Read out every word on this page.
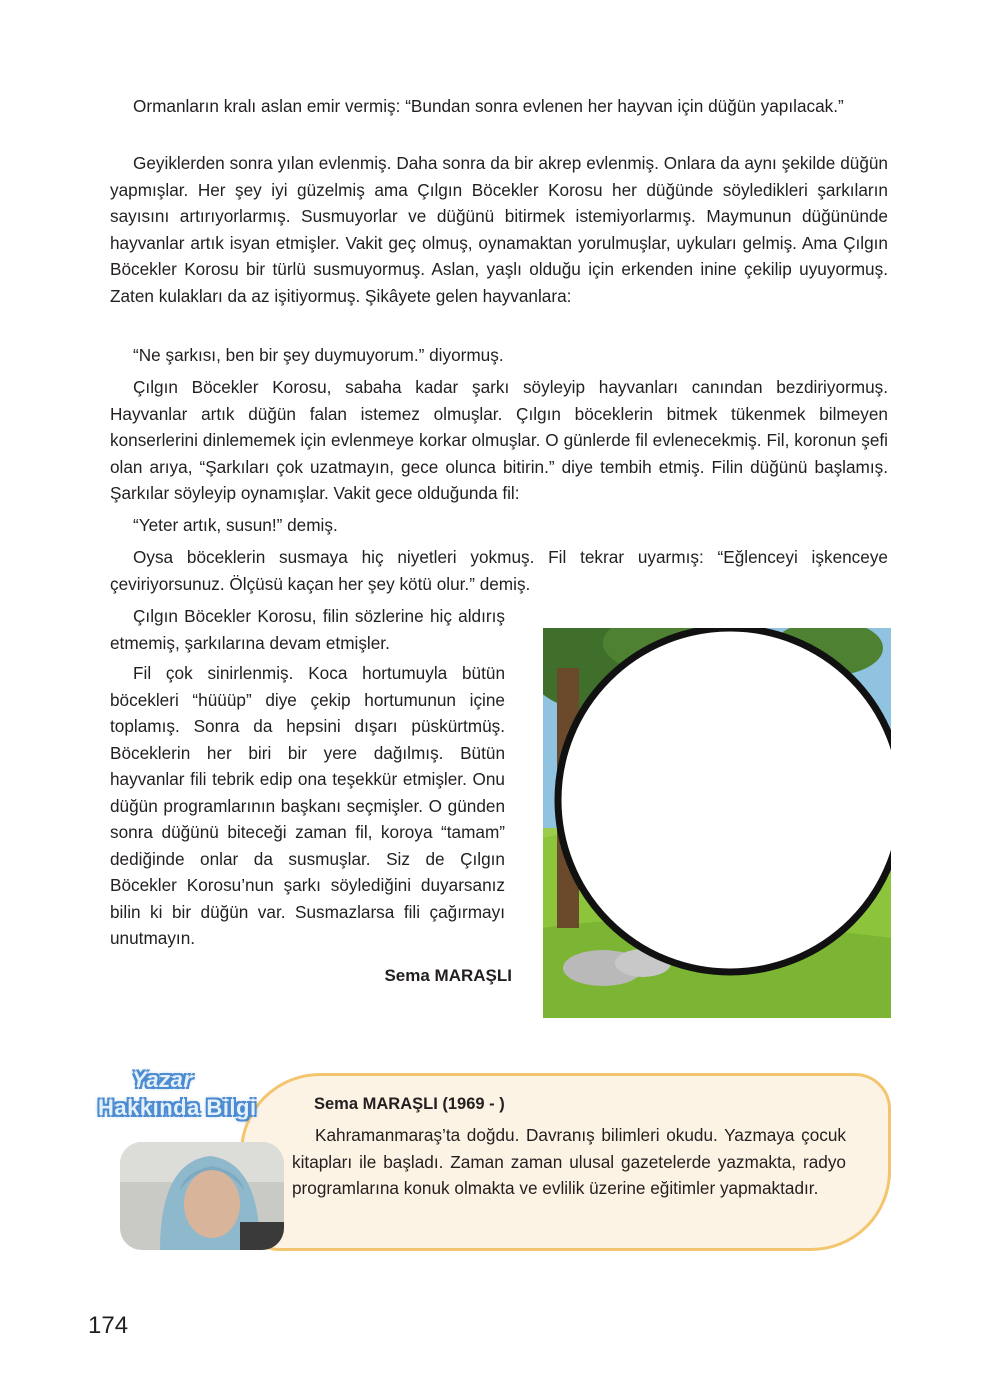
Ormanların kralı aslan emir vermiş: “Bundan sonra evlenen her hayvan için düğün yapılacak.”

Geyiklerden sonra yılan evlenmiş. Daha sonra da bir akrep evlenmiş. Onlara da aynı şekilde düğün yapmışlar. Her şey iyi güzelmiş ama Çılgın Böcekler Korosu her düğünde söyledikleri şarkıların sayısını artırıyorlarmış. Susmuyorlar ve düğünü bitirmek istemiyorlarmış. Maymunun düğününde hayvanlar artık isyan etmişler. Vakit geç olmuş, oynamaktan yorulmuşlar, uykuları gelmiş. Ama Çılgın Böcekler Korosu bir türlü susmuyormuş. Aslan, yaşlı olduğu için erkenden inine çekilip uyuyormuş. Zaten kulakları da az işitiyormuş. Şikâyete gelen hayvanlara:

“Ne şarkısı, ben bir şey duymuyorum.” diyormuş.

Çılgın Böcekler Korosu, sabaha kadar şarkı söyleyip hayvanları canından bezdiriyormuş. Hayvanlar artık düğün falan istemez olmuşlar. Çılgın böceklerin bitmek tükenmek bilmeyen konserlerini dinlememek için evlenmeye korkar olmuşlar. O günlerde fil evlenecekmiş. Fil, koronun şefi olan arıya, “Şarkıları çok uzatmayın, gece olunca bitirin.” diye tembih etmiş. Filin düğünü başlamış. Şarkılar söyleyip oynamışlar. Vakit gece olduğunda fil:

“Yeter artık, susun!” demiş.

Oysa böceklerin susmaya hiç niyetleri yokmuş. Fil tekrar uyarmış: “Eğlenceyi işkenceye çeviriyorsunuz. Ölçüsü kaçan her şey kötü olur.” demiş.

Çılgın Böcekler Korosu, filin sözlerine hiç aldırış etmemiş, şarkılarına devam etmişler.

Fil çok sinirlenmiş. Koca hortumuyla bütün böcekleri “hüüüp” diye çekip hortumunun içine toplamış. Sonra da hepsini dışarı püskürtmüş. Böceklerin her biri bir yere dağılmış. Bütün hayvanlar fili tebrik edip ona teşekkür etmişler. Onu düğün programlarının başkanı seçmişler. O günden sonra düğünü biteceği zaman fil, koroya “tamam” dediğinde onlar da susmuşlar. Siz de Çılgın Böcekler Korosu’nun şarkı söylediğini duyarsanız bilin ki bir düğün var. Susmazlarsa fili çağırmayı unutmayın.

Sema MARAŞLI

Yazar

Hakkında Bilgi	Sema MARAŞLI (1969 - )

Kahramanmaraş’ta doğdu. Davranış bilimleri okudu. Yazmaya çocuk kitapları ile başladı. Zaman zaman ulusal gazetelerde yazmakta, radyo programlarına konuk olmakta ve evlilik üzerine eğitimler yapmaktadır.

174
